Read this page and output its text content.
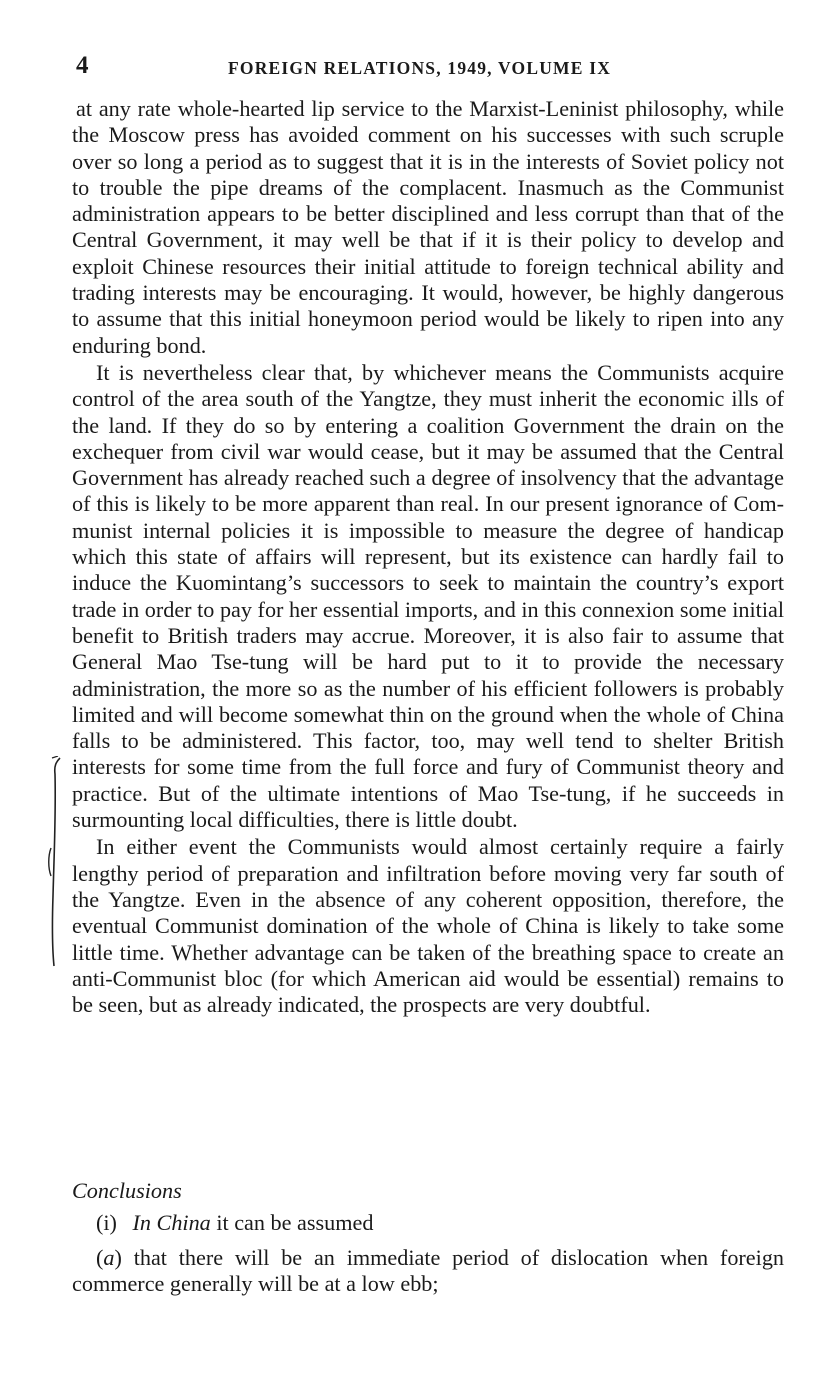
4	FOREIGN RELATIONS, 1949, VOLUME IX

at any rate whole-hearted lip service to the Marxist-Leninist philosophy, while the Moscow press has avoided comment on his successes with such scruple over so long a period as to suggest that it is in the interests of Soviet policy not to trouble the pipe dreams of the complacent. Inasmuch as the Communist administration appears to be better disciplined and less corrupt than that of the Central Government, it may well be that if it is their policy to develop and exploit Chinese resources their initial attitude to foreign technical ability and trading interests may be encouraging. It would, however, be highly dangerous to assume that this initial honeymoon period would be likely to ripen into any enduring bond.

It is nevertheless clear that, by whichever means the Communists acquire control of the area south of the Yangtze, they must inherit the economic ills of the land. If they do so by entering a coalition Government the drain on the exchequer from civil war would cease, but it may be assumed that the Central Government has already reached such a degree of insolvency that the advantage of this is likely to be more apparent than real. In our present ignorance of Communist internal policies it is impossible to measure the degree of handicap which this state of affairs will represent, but its existence can hardly fail to induce the Kuomintang’s successors to seek to maintain the country’s export trade in order to pay for her essential imports, and in this connexion some initial benefit to British traders may accrue. Moreover, it is also fair to assume that General Mao Tse-tung will be hard put to it to provide the necessary administration, the more so as the number of his efficient followers is probably limited and will become somewhat thin on the ground when the whole of China falls to be administered. This factor, too, may well tend to shelter British interests for some time from the full force and fury of Communist theory and practice. But of the ultimate intentions of Mao Tse-tung, if he succeeds in surmounting local difficulties, there is little doubt.

In either event the Communists would almost certainly require a fairly lengthy period of preparation and infiltration before moving very far south of the Yangtze. Even in the absence of any coherent opposition, therefore, the eventual Communist domination of the whole of China is likely to take some little time. Whether advantage can be taken of the breathing space to create an anti-Communist bloc (for which American aid would be essential) remains to be seen, but as already indicated, the prospects are very doubtful.

Conclusions

(i) In China it can be assumed

(a) that there will be an immediate period of dislocation when foreign commerce generally will be at a low ebb;
